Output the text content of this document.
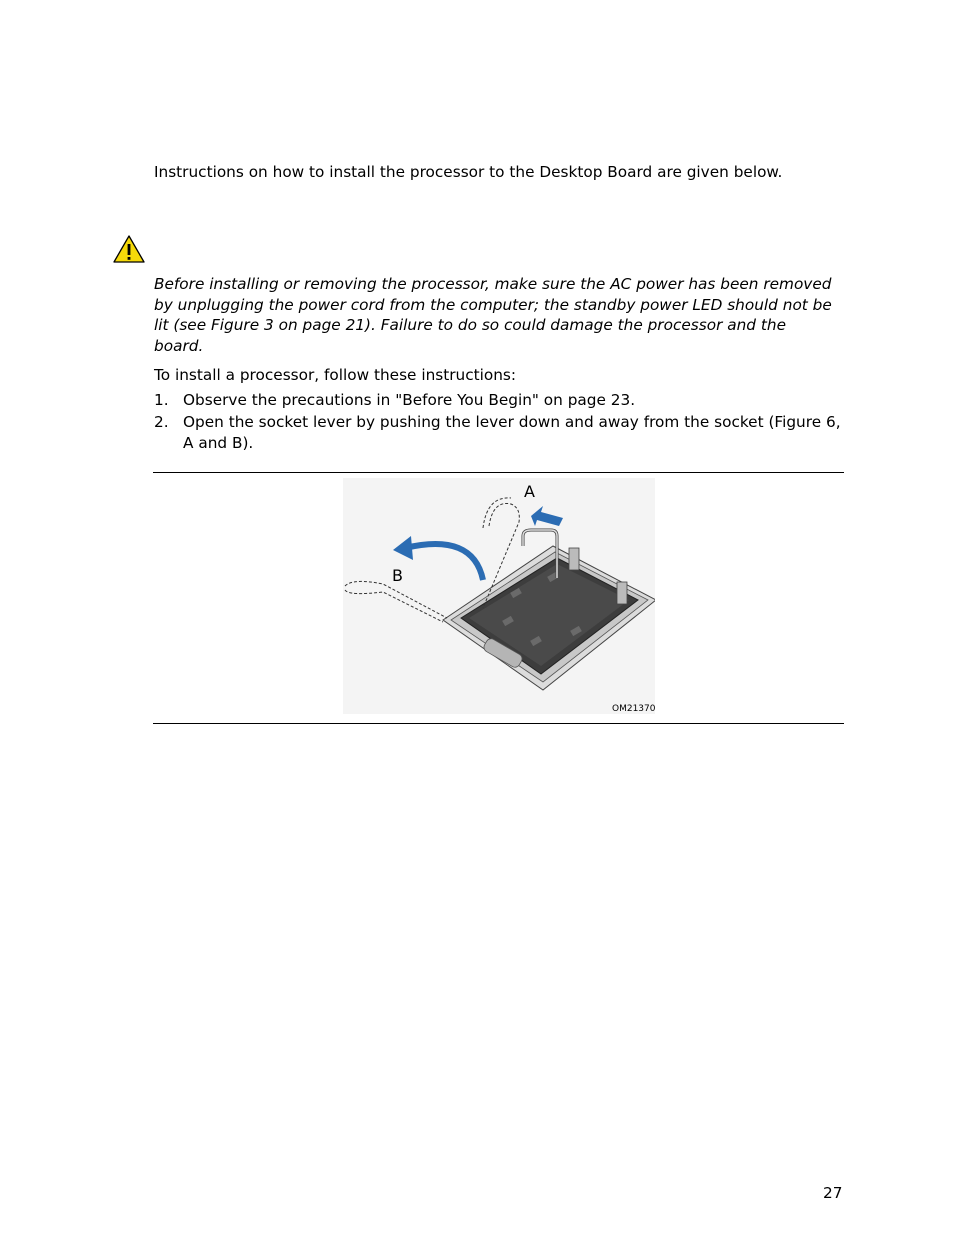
Instructions on how to install the processor to the Desktop Board are given below.
Before installing or removing the processor, make sure the AC power has been removed by unplugging the power cord from the computer; the standby power LED should not be lit (see Figure 3 on page 21). Failure to do so could damage the processor and the board.
To install a processor, follow these instructions:
1. Observe the precautions in "Before You Begin" on page 23.
2. Open the socket lever by pushing the lever down and away from the socket (Figure 6, A and B).
A
B
OM21370
27
